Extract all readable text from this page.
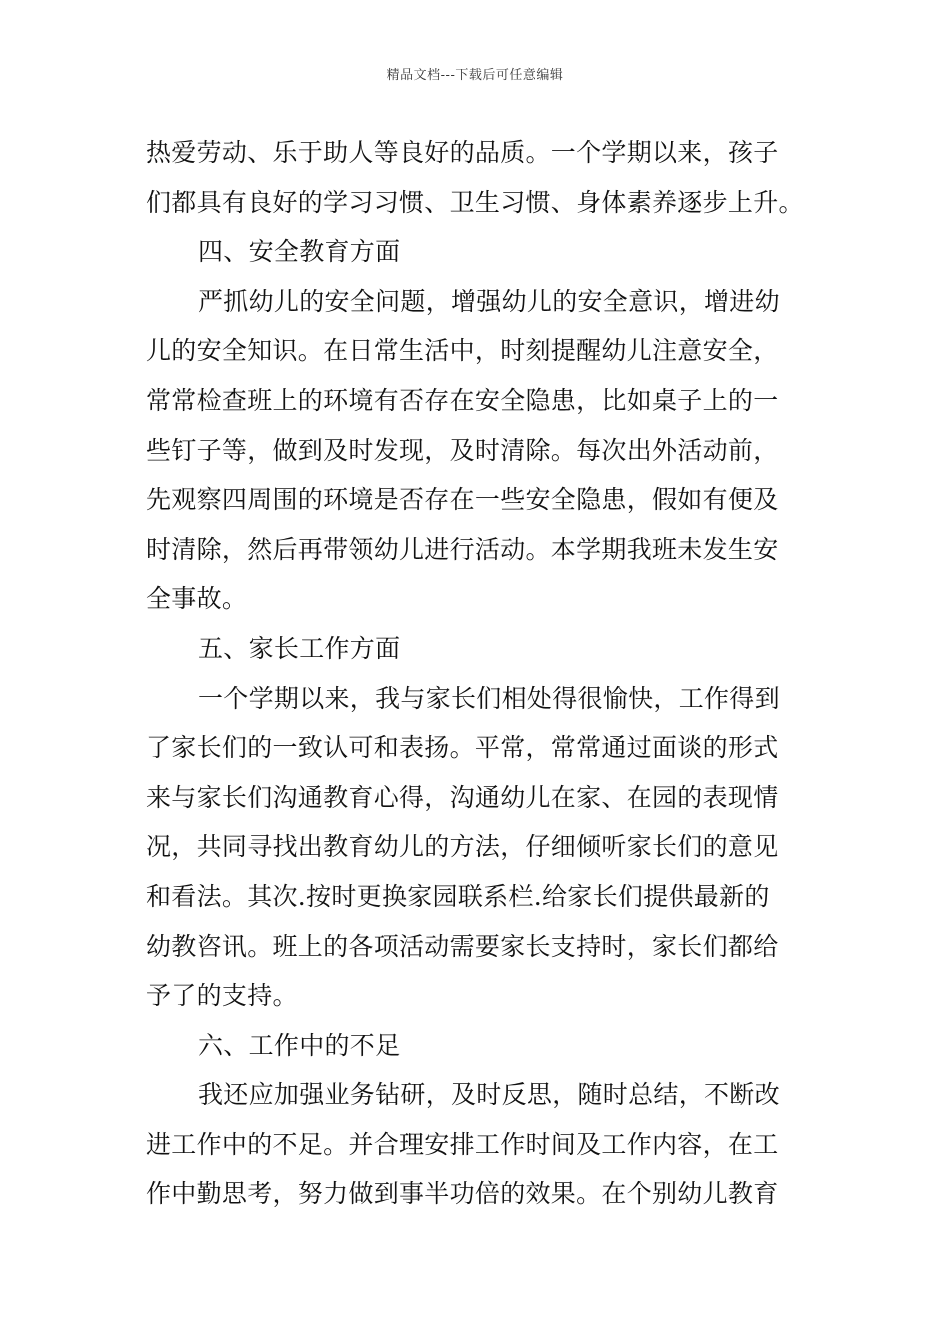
精品文档---下载后可任意编辑
热爱劳动、乐于助人等良好的品质。一个学期以来，孩子
们都具有良好的学习习惯、卫生习惯、身体素养逐步上升。
四、安全教育方面
严抓幼儿的安全问题，增强幼儿的安全意识，增进幼
儿的安全知识。在日常生活中，时刻提醒幼儿注意安全，
常常检查班上的环境有否存在安全隐患，比如桌子上的一
些钉子等，做到及时发现，及时清除。每次出外活动前，
先观察四周围的环境是否存在一些安全隐患，假如有便及
时清除，然后再带领幼儿进行活动。本学期我班未发生安
全事故。
五、家长工作方面
一个学期以来，我与家长们相处得很愉快，工作得到
了家长们的一致认可和表扬。平常，常常通过面谈的形式
来与家长们沟通教育心得，沟通幼儿在家、在园的表现情
况，共同寻找出教育幼儿的方法，仔细倾听家长们的意见
和看法。其次.按时更换家园联系栏.给家长们提供最新的
幼教咨讯。班上的各项活动需要家长支持时，家长们都给
予了的支持。
六、工作中的不足
我还应加强业务钻研，及时反思，随时总结，不断改
进工作中的不足。并合理安排工作时间及工作内容，在工
作中勤思考，努力做到事半功倍的效果。在个别幼儿教育
